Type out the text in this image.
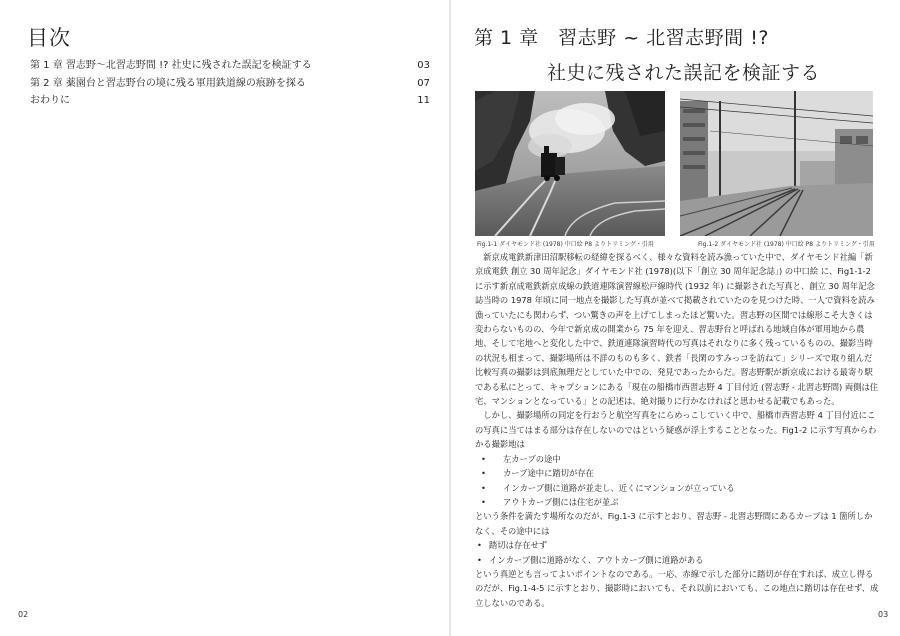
目次
第 1 章 習志野～北習志野間 !? 社史に残された誤記を検証する	03
第 2 章 薬園台と習志野台の境に残る軍用鉄道線の痕跡を探る	07
おわりに	11
02
第 1 章　習志野 ~ 北習志野間 !?
社史に残された誤記を検証する
Fig.1-1 ダイヤモンド社 (1978) 中口絵 P8 よりトリミング・引用	Fig.1-2 ダイヤモンド社 (1978) 中口絵 P8 よりトリミング・引用

新京成電鉄新津田沼駅移転の経緯を探るべく、様々な資料を読み漁っていた中で、ダイヤモンド社編「新京成電鉄 創立 30 周年記念」ダイヤモンド社 (1978)(以下「創立 30 周年記念誌」) の中口絵 に、Fig1-1-2 に示す新京成電鉄新京成線の鉄道連隊演習線松戸線時代 (1932 年) に撮影された写真と、創立 30 周年記念誌当時の 1978 年頃に同一地点を撮影した写真が並べて掲載されていたのを見つけた時、一人で資料を読み漁っていたにも関わらず、つい驚きの声を上げてしまったほど驚いた。習志野の区間では線形こそ大きくは変わらないものの、今年で新京成の開業から 75 年を迎え、習志野台と呼ばれる地域自体が軍用地から農地、そして宅地へと変化した中で、鉄道連隊演習時代の写真はそれなりに多く残っているものの、撮影当時の状況も相まって、撮影場所は不詳のものも多く、鉄者「長閑のすみっコを訪ねて」シリーズで取り組んだ比較写真の撮影は到底無理だとしていた中での、発見であったからだ。習志野駅が新京成における最寄り駅である私にとって、キャプションにある「現在の船橋市西習志野 4 丁目付近 (習志野 - 北習志野間) 両側は住宅、マンションとなっている」との記述は、絶対撮りに行かなければと思わせる記載でもあった。

しかし、撮影場所の同定を行おうと航空写真をにらめっこしていく中で、船橋市西習志野 4 丁目付近にこの写真に当てはまる部分は存在しないのではという疑惑が浮上することとなった。Fig1-2 に示す写真からわかる撮影地は

• 左カーブの途中
• カーブ途中に踏切が存在
• インカーブ側に道路が並走し、近くにマンションが立っている
• アウトカーブ側には住宅が並ぶ

という条件を満たす場所なのだが、Fig.1-3 に示すとおり、習志野 - 北習志野間にあるカーブは 1 箇所しかなく、その途中には

• 踏切は存在せず
• インカーブ側に道路がなく、アウトカーブ側に道路がある

という真逆とも言ってよいポイントなのである。一応、赤線で示した部分に踏切が存在すれば、成立し得るのだが、Fig.1-4-5 に示すとおり、撮影時においても、それ以前においても、この地点に踏切は存在せず、成立しないのである。

03
